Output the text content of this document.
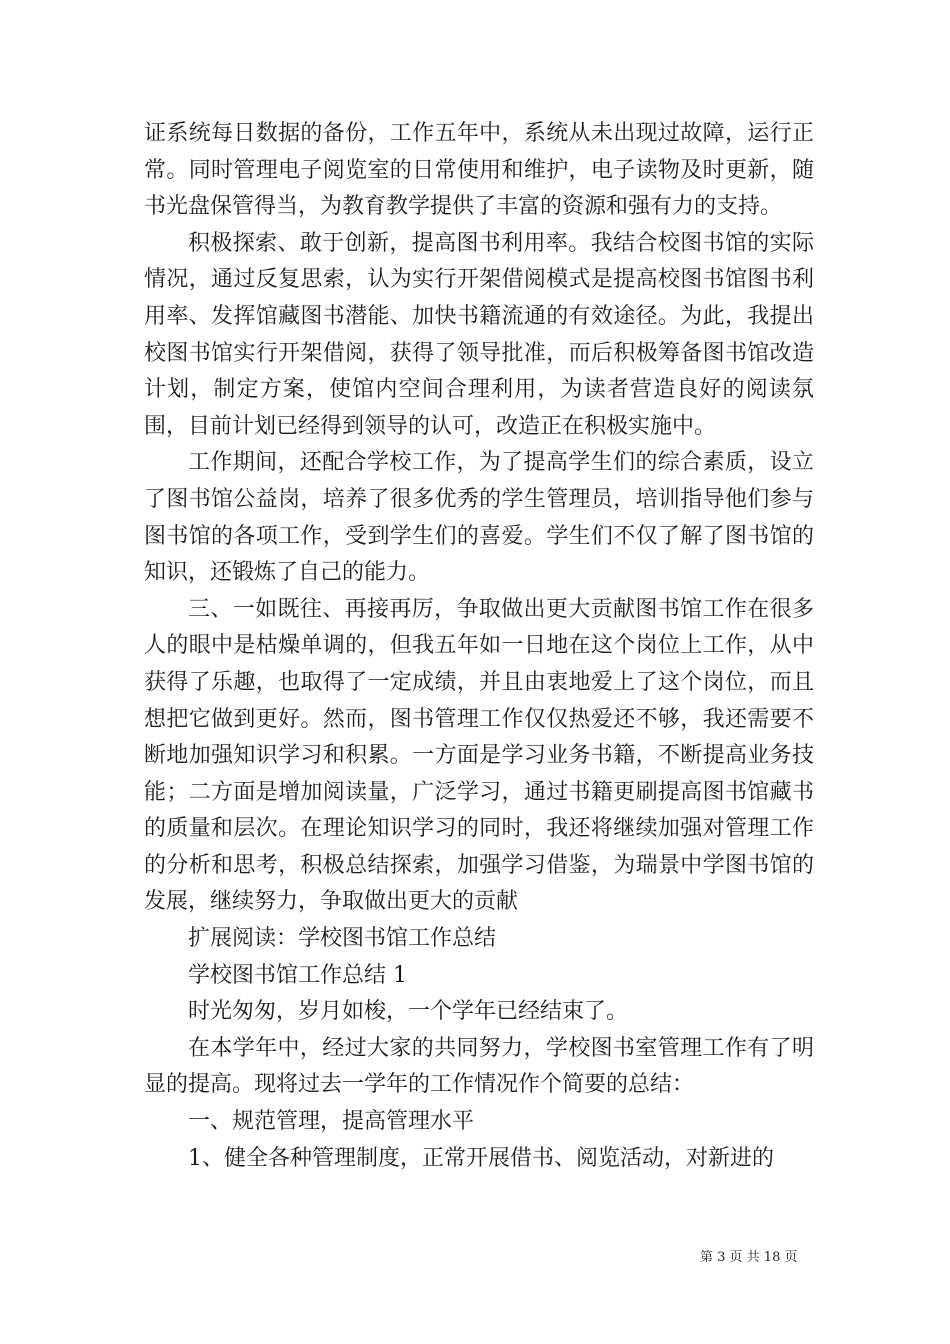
证系统每日数据的备份，工作五年中，系统从未出现过故障，运行正常。同时管理电子阅览室的日常使用和维护，电子读物及时更新，随书光盘保管得当，为教育教学提供了丰富的资源和强有力的支持。

积极探索、敢于创新，提高图书利用率。我结合校图书馆的实际情况，通过反复思索，认为实行开架借阅模式是提高校图书馆图书利用率、发挥馆藏图书潜能、加快书籍流通的有效途径。为此，我提出校图书馆实行开架借阅，获得了领导批准，而后积极筹备图书馆改造计划，制定方案，使馆内空间合理利用，为读者营造良好的阅读氛围，目前计划已经得到领导的认可，改造正在积极实施中。

工作期间，还配合学校工作，为了提高学生们的综合素质，设立了图书馆公益岗，培养了很多优秀的学生管理员，培训指导他们参与图书馆的各项工作，受到学生们的喜爱。学生们不仅了解了图书馆的知识，还锻炼了自己的能力。

三、一如既往、再接再厉，争取做出更大贡献图书馆工作在很多人的眼中是枯燥单调的，但我五年如一日地在这个岗位上工作，从中获得了乐趣，也取得了一定成绩，并且由衷地爱上了这个岗位，而且想把它做到更好。然而，图书管理工作仅仅热爱还不够，我还需要不断地加强知识学习和积累。一方面是学习业务书籍，不断提高业务技能；二方面是增加阅读量，广泛学习，通过书籍更刷提高图书馆藏书的质量和层次。在理论知识学习的同时，我还将继续加强对管理工作的分析和思考，积极总结探索，加强学习借鉴，为瑞景中学图书馆的发展，继续努力，争取做出更大的贡献

扩展阅读：学校图书馆工作总结

学校图书馆工作总结 1

时光匆匆，岁月如梭，一个学年已经结束了。

在本学年中，经过大家的共同努力，学校图书室管理工作有了明显的提高。现将过去一学年的工作情况作个简要的总结：

一、规范管理，提高管理水平

1、健全各种管理制度，正常开展借书、阅览活动，对新进的

第 3 页 共 18 页
